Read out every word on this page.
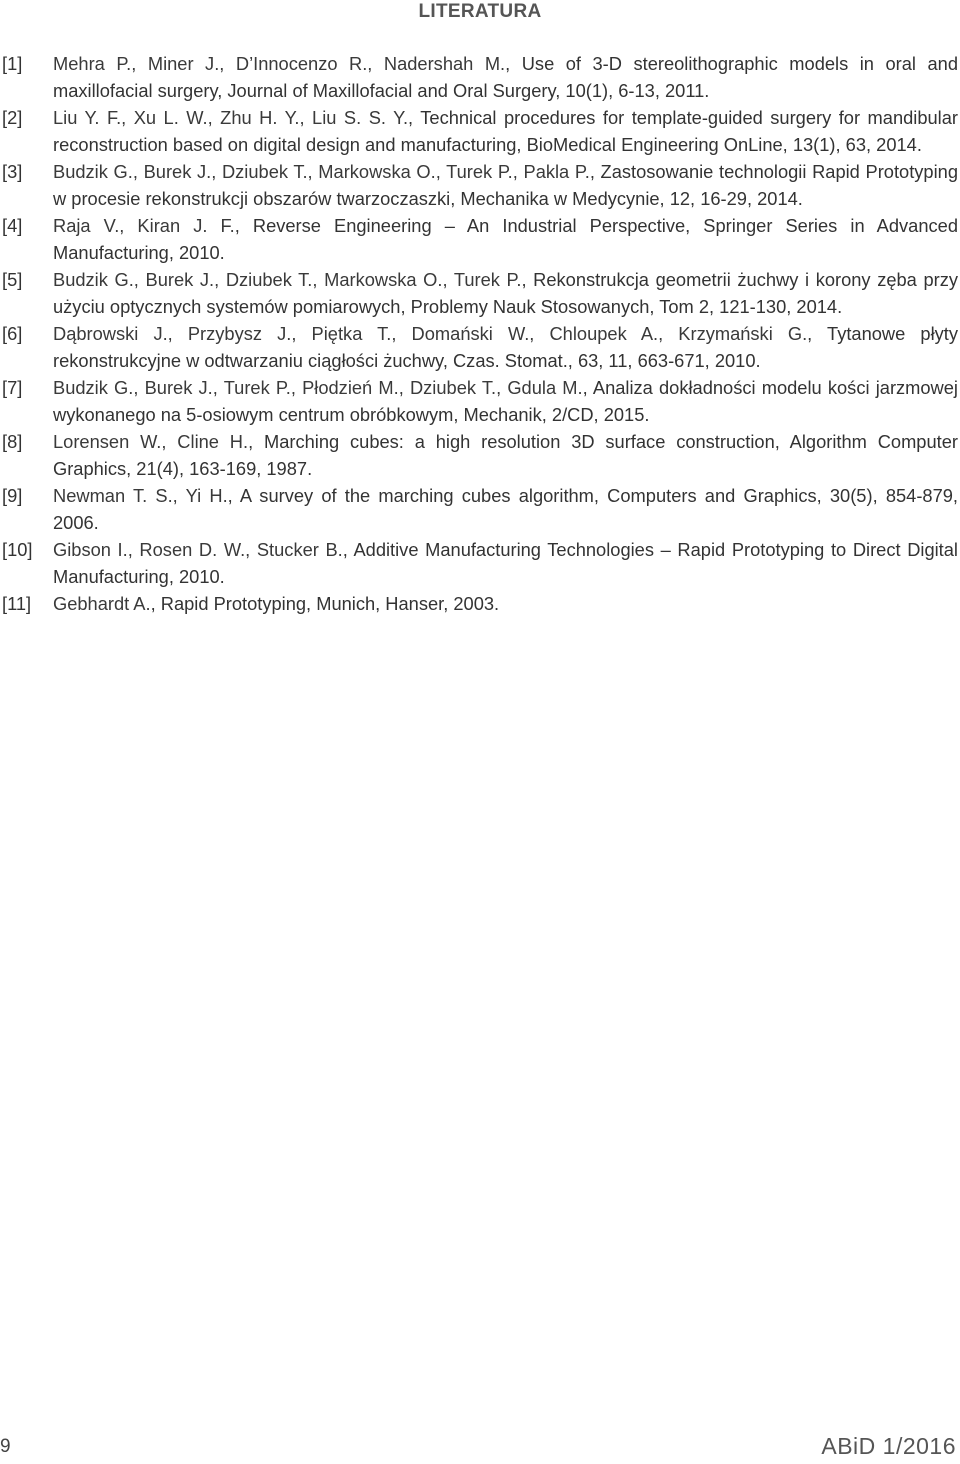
LITERATURA
[1] Mehra P., Miner J., D’Innocenzo R., Nadershah M., Use of 3-D stereolithographic models in oral and maxillofacial surgery, Journal of Maxillofacial and Oral Surgery, 10(1), 6-13, 2011.
[2] Liu Y. F., Xu L. W., Zhu H. Y., Liu S. S. Y., Technical procedures for template-guided surgery for mandibular reconstruction based on digital design and manufacturing, BioMedical Engineering OnLine, 13(1), 63, 2014.
[3] Budzik G., Burek J., Dziubek T., Markowska O., Turek P., Pakla P., Zastosowanie technologii Rapid Prototyping w procesie rekonstrukcji obszarów twarzoczaszki, Mechanika w Medycynie, 12, 16-29, 2014.
[4] Raja V., Kiran J. F., Reverse Engineering – An Industrial Perspective, Springer Series in Advanced Manufacturing, 2010.
[5] Budzik G., Burek J., Dziubek T., Markowska O., Turek P., Rekonstrukcja geometrii żuchwy i korony zęba przy użyciu optycznych systemów pomiarowych, Problemy Nauk Stosowanych, Tom 2, 121-130, 2014.
[6] Dąbrowski J., Przybysz J., Piętka T., Domański W., Chloupek A., Krzymański G., Tytanowe płyty rekonstrukcyjne w odtwarzaniu ciągłości żuchwy, Czas. Stomat., 63, 11, 663-671, 2010.
[7] Budzik G., Burek J., Turek P., Płodzień M., Dziubek T., Gdula M., Analiza dokładności modelu kości jarzmowej wykonanego na 5-osiowym centrum obróbkowym, Mechanik, 2/CD, 2015.
[8] Lorensen W., Cline H., Marching cubes: a high resolution 3D surface construction, Algorithm Computer Graphics, 21(4), 163-169, 1987.
[9] Newman T. S., Yi H., A survey of the marching cubes algorithm, Computers and Graphics, 30(5), 854-879, 2006.
[10] Gibson I., Rosen D. W., Stucker B., Additive Manufacturing Technologies – Rapid Prototyping to Direct Digital Manufacturing, 2010.
[11] Gebhardt A., Rapid Prototyping, Munich, Hanser, 2003.
9	ABiD 1/2016
